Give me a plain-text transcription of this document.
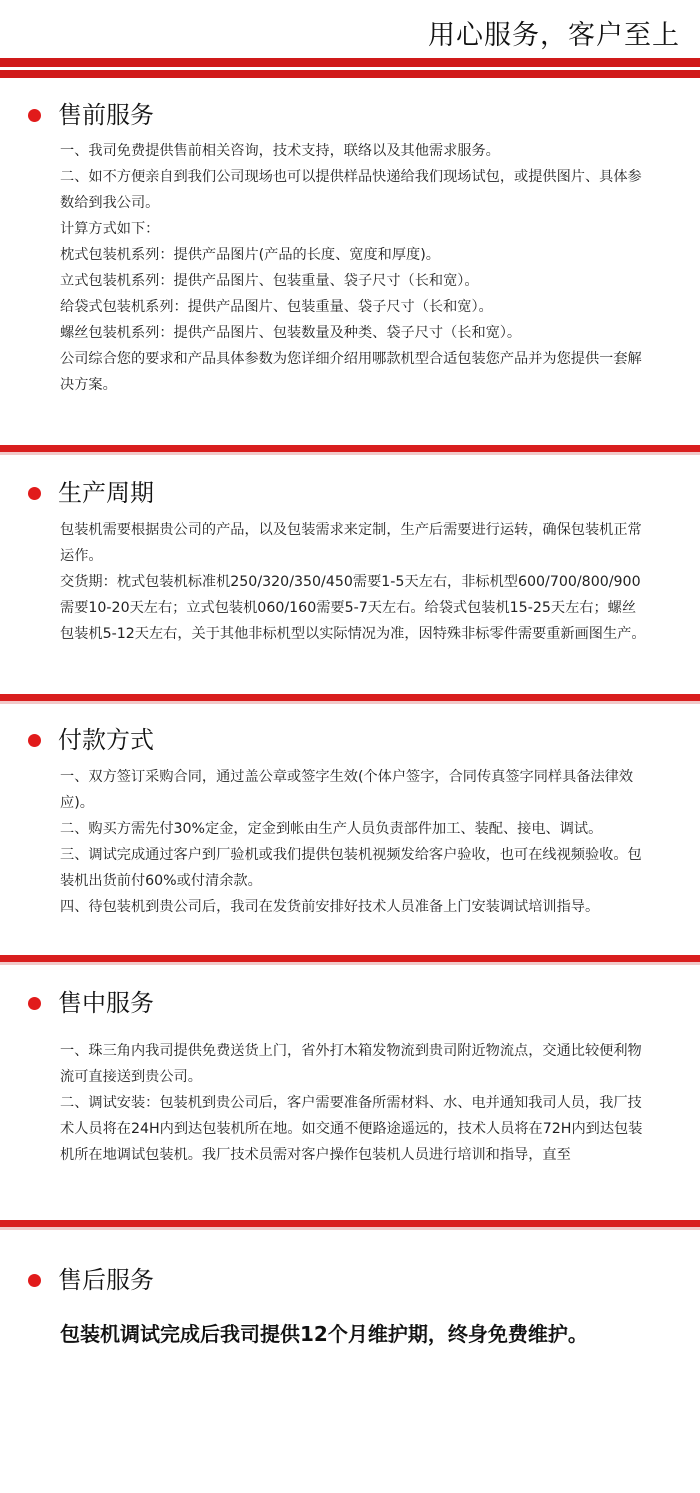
用心服务，客户至上
售前服务

一、我司免费提供售前相关咨询，技术支持，联络以及其他需求服务。

二、如不方便亲自到我们公司现场也可以提供样品快递给我们现场试包，或提供图片、具体参数给到我公司。

计算方式如下：

枕式包装机系列：提供产品图片(产品的长度、宽度和厚度)。

立式包装机系列：提供产品图片、包装重量、袋子尺寸（长和宽）。

给袋式包装机系列：提供产品图片、包装重量、袋子尺寸（长和宽）。

螺丝包装机系列：提供产品图片、包装数量及种类、袋子尺寸（长和宽）。

公司综合您的要求和产品具体参数为您详细介绍用哪款机型合适包装您产品并为您提供一套解决方案。

生产周期

包装机需要根据贵公司的产品，以及包装需求来定制，生产后需要进行运转，确保包装机正常运作。

交货期：枕式包装机标准机250/320/350/450需要1-5天左右，非标机型600/700/800/900需要10-20天左右；立式包装机060/160需要5-7天左右。给袋式包装机15-25天左右；螺丝包装机5-12天左右，关于其他非标机型以实际情况为准，因特殊非标零件需要重新画图生产。

付款方式

一、双方签订采购合同，通过盖公章或签字生效(个体户签字，合同传真签字同样具备法律效应)。

二、购买方需先付30%定金，定金到帐由生产人员负责部件加工、装配、接电、调试。

三、调试完成通过客户到厂验机或我们提供包装机视频发给客户验收，也可在线视频验收。包装机出货前付60%或付清余款。

四、待包装机到贵公司后，我司在发货前安排好技术人员准备上门安装调试培训指导。

售中服务

一、珠三角内我司提供免费送货上门，省外打木箱发物流到贵司附近物流点，交通比较便利物流可直接送到贵公司。

二、调试安装：包装机到贵公司后，客户需要准备所需材料、水、电并通知我司人员，我厂技术人员将在24H内到达包装机所在地。如交通不便路途遥远的，技术人员将在72H内到达包装机所在地调试包装机。我厂技术员需对客户操作包装机人员进行培训和指导，直至

售后服务

包装机调试完成后我司提供12个月维护期，终身免费维护。
